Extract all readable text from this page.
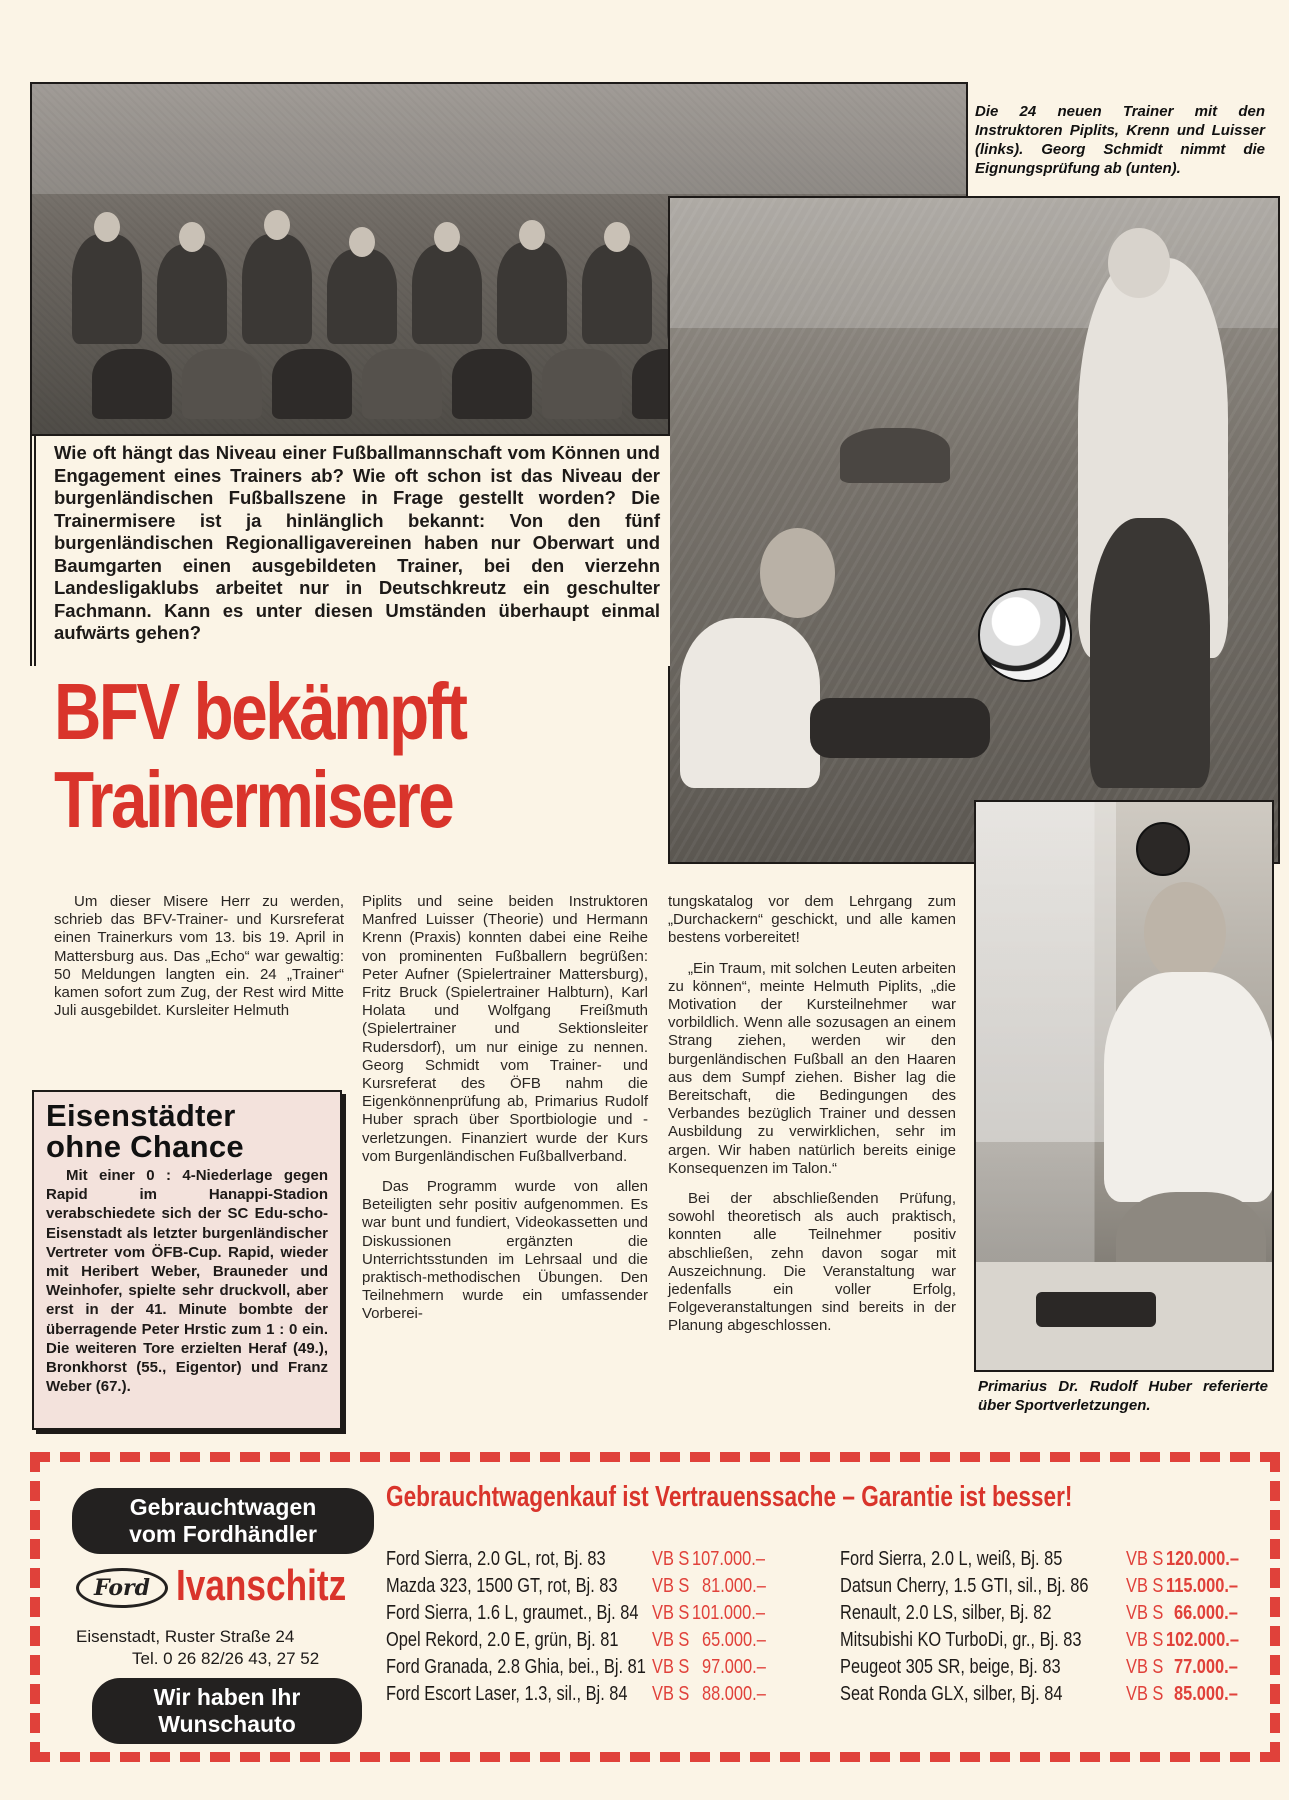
Die 24 neuen Trainer mit den Instruktoren Piplits, Krenn und Luisser (links). Georg Schmidt nimmt die Eignungsprüfung ab (unten).
Primarius Dr. Rudolf Huber referierte über Sportverletzungen.
Wie oft hängt das Niveau einer Fußballmannschaft vom Können und Engagement eines Trainers ab? Wie oft schon ist das Niveau der burgenländischen Fußballszene in Frage gestellt worden? Die Trainermisere ist ja hinlänglich bekannt: Von den fünf burgenländischen Regionalligavereinen haben nur Oberwart und Baumgarten einen ausgebildeten Trainer, bei den vierzehn Landesligaklubs arbeitet nur in Deutschkreutz ein geschulter Fachmann. Kann es unter diesen Umständen überhaupt einmal aufwärts gehen?
BFV bekämpft
Trainermisere

Um dieser Misere Herr zu werden, schrieb das BFV-Trainer- und Kursreferat einen Trainerkurs vom 13. bis 19. April in Mattersburg aus. Das „Echo“ war gewaltig: 50 Meldungen langten ein. 24 „Trainer“ kamen sofort zum Zug, der Rest wird Mitte Juli ausgebildet. Kursleiter Helmuth

Eisenstädter
ohne Chance
Mit einer 0 : 4-Niederlage gegen Rapid im Hanappi-Stadion verabschiedete sich der SC Edu-scho-Eisenstadt als letzter burgenländischer Vertreter vom ÖFB-Cup. Rapid, wieder mit Heribert Weber, Brauneder und Weinhofer, spielte sehr druckvoll, aber erst in der 41. Minute bombte der überragende Peter Hrstic zum 1 : 0 ein. Die weiteren Tore erzielten Heraf (49.), Bronkhorst (55., Eigentor) und Franz Weber (67.).

Piplits und seine beiden Instruktoren Manfred Luisser (Theorie) und Hermann Krenn (Praxis) konnten dabei eine Reihe von prominenten Fußballern begrüßen: Peter Aufner (Spielertrainer Mattersburg), Fritz Bruck (Spielertrainer Halbturn), Karl Holata und Wolfgang Freißmuth (Spielertrainer und Sektionsleiter Rudersdorf), um nur einige zu nennen. Georg Schmidt vom Trainer- und Kursreferat des ÖFB nahm die Eigenkönnenprüfung ab, Primarius Rudolf Huber sprach über Sportbiologie und -verletzungen. Finanziert wurde der Kurs vom Burgenländischen Fußballverband.

Das Programm wurde von allen Beteiligten sehr positiv aufgenommen. Es war bunt und fundiert, Videokassetten und Diskussionen ergänzten die Unterrichtsstunden im Lehrsaal und die praktisch-methodischen Übungen. Den Teilnehmern wurde ein umfassender Vorberei-

tungskatalog vor dem Lehrgang zum „Durchackern“ geschickt, und alle kamen bestens vorbereitet!

„Ein Traum, mit solchen Leuten arbeiten zu können“, meinte Helmuth Piplits, „die Motivation der Kursteilnehmer war vorbildlich. Wenn alle sozusagen an einem Strang ziehen, werden wir den burgenländischen Fußball an den Haaren aus dem Sumpf ziehen. Bisher lag die Bereitschaft, die Bedingungen des Verbandes bezüglich Trainer und dessen Ausbildung zu verwirklichen, sehr im argen. Wir haben natürlich bereits einige Konsequenzen im Talon.“

Bei der abschließenden Prüfung, sowohl theoretisch als auch praktisch, konnten alle Teilnehmer positiv abschließen, zehn davon sogar mit Auszeichnung. Die Veranstaltung war jedenfalls ein voller Erfolg, Folgeveranstaltungen sind bereits in der Planung abgeschlossen.

Gebrauchtwagen
vom Fordhändler
Ford Ivanschitz
Eisenstadt, Ruster Straße 24
Tel. 0 26 82/26 43, 27 52
Wir haben Ihr
Wunschauto
Gebrauchtwagenkauf ist Vertrauenssache – Garantie ist besser!
Ford Sierra, 2.0 GL, rot, Bj. 83 VB S 107.000.–
Mazda 323, 1500 GT, rot, Bj. 83 VB S 81.000.–
Ford Sierra, 1.6 L, graumet., Bj. 84 VB S 101.000.–
Opel Rekord, 2.0 E, grün, Bj. 81 VB S 65.000.–
Ford Granada, 2.8 Ghia, bei., Bj. 81 VB S 97.000.–
Ford Escort Laser, 1.3, sil., Bj. 84 VB S 88.000.–
Ford Sierra, 2.0 L, weiß, Bj. 85	VB S 120.000.–
Datsun Cherry, 1.5 GTI, sil., Bj. 86 VB S 115.000.–
Renault, 2.0 LS, silber, Bj. 82	VB S 66.000.–
Mitsubishi KO TurboDi, gr., Bj. 83 VB S 102.000.–
Peugeot 305 SR, beige, Bj. 83	VB S 77.000.–
Seat Ronda GLX, silber, Bj. 84	VB S 85.000.–
